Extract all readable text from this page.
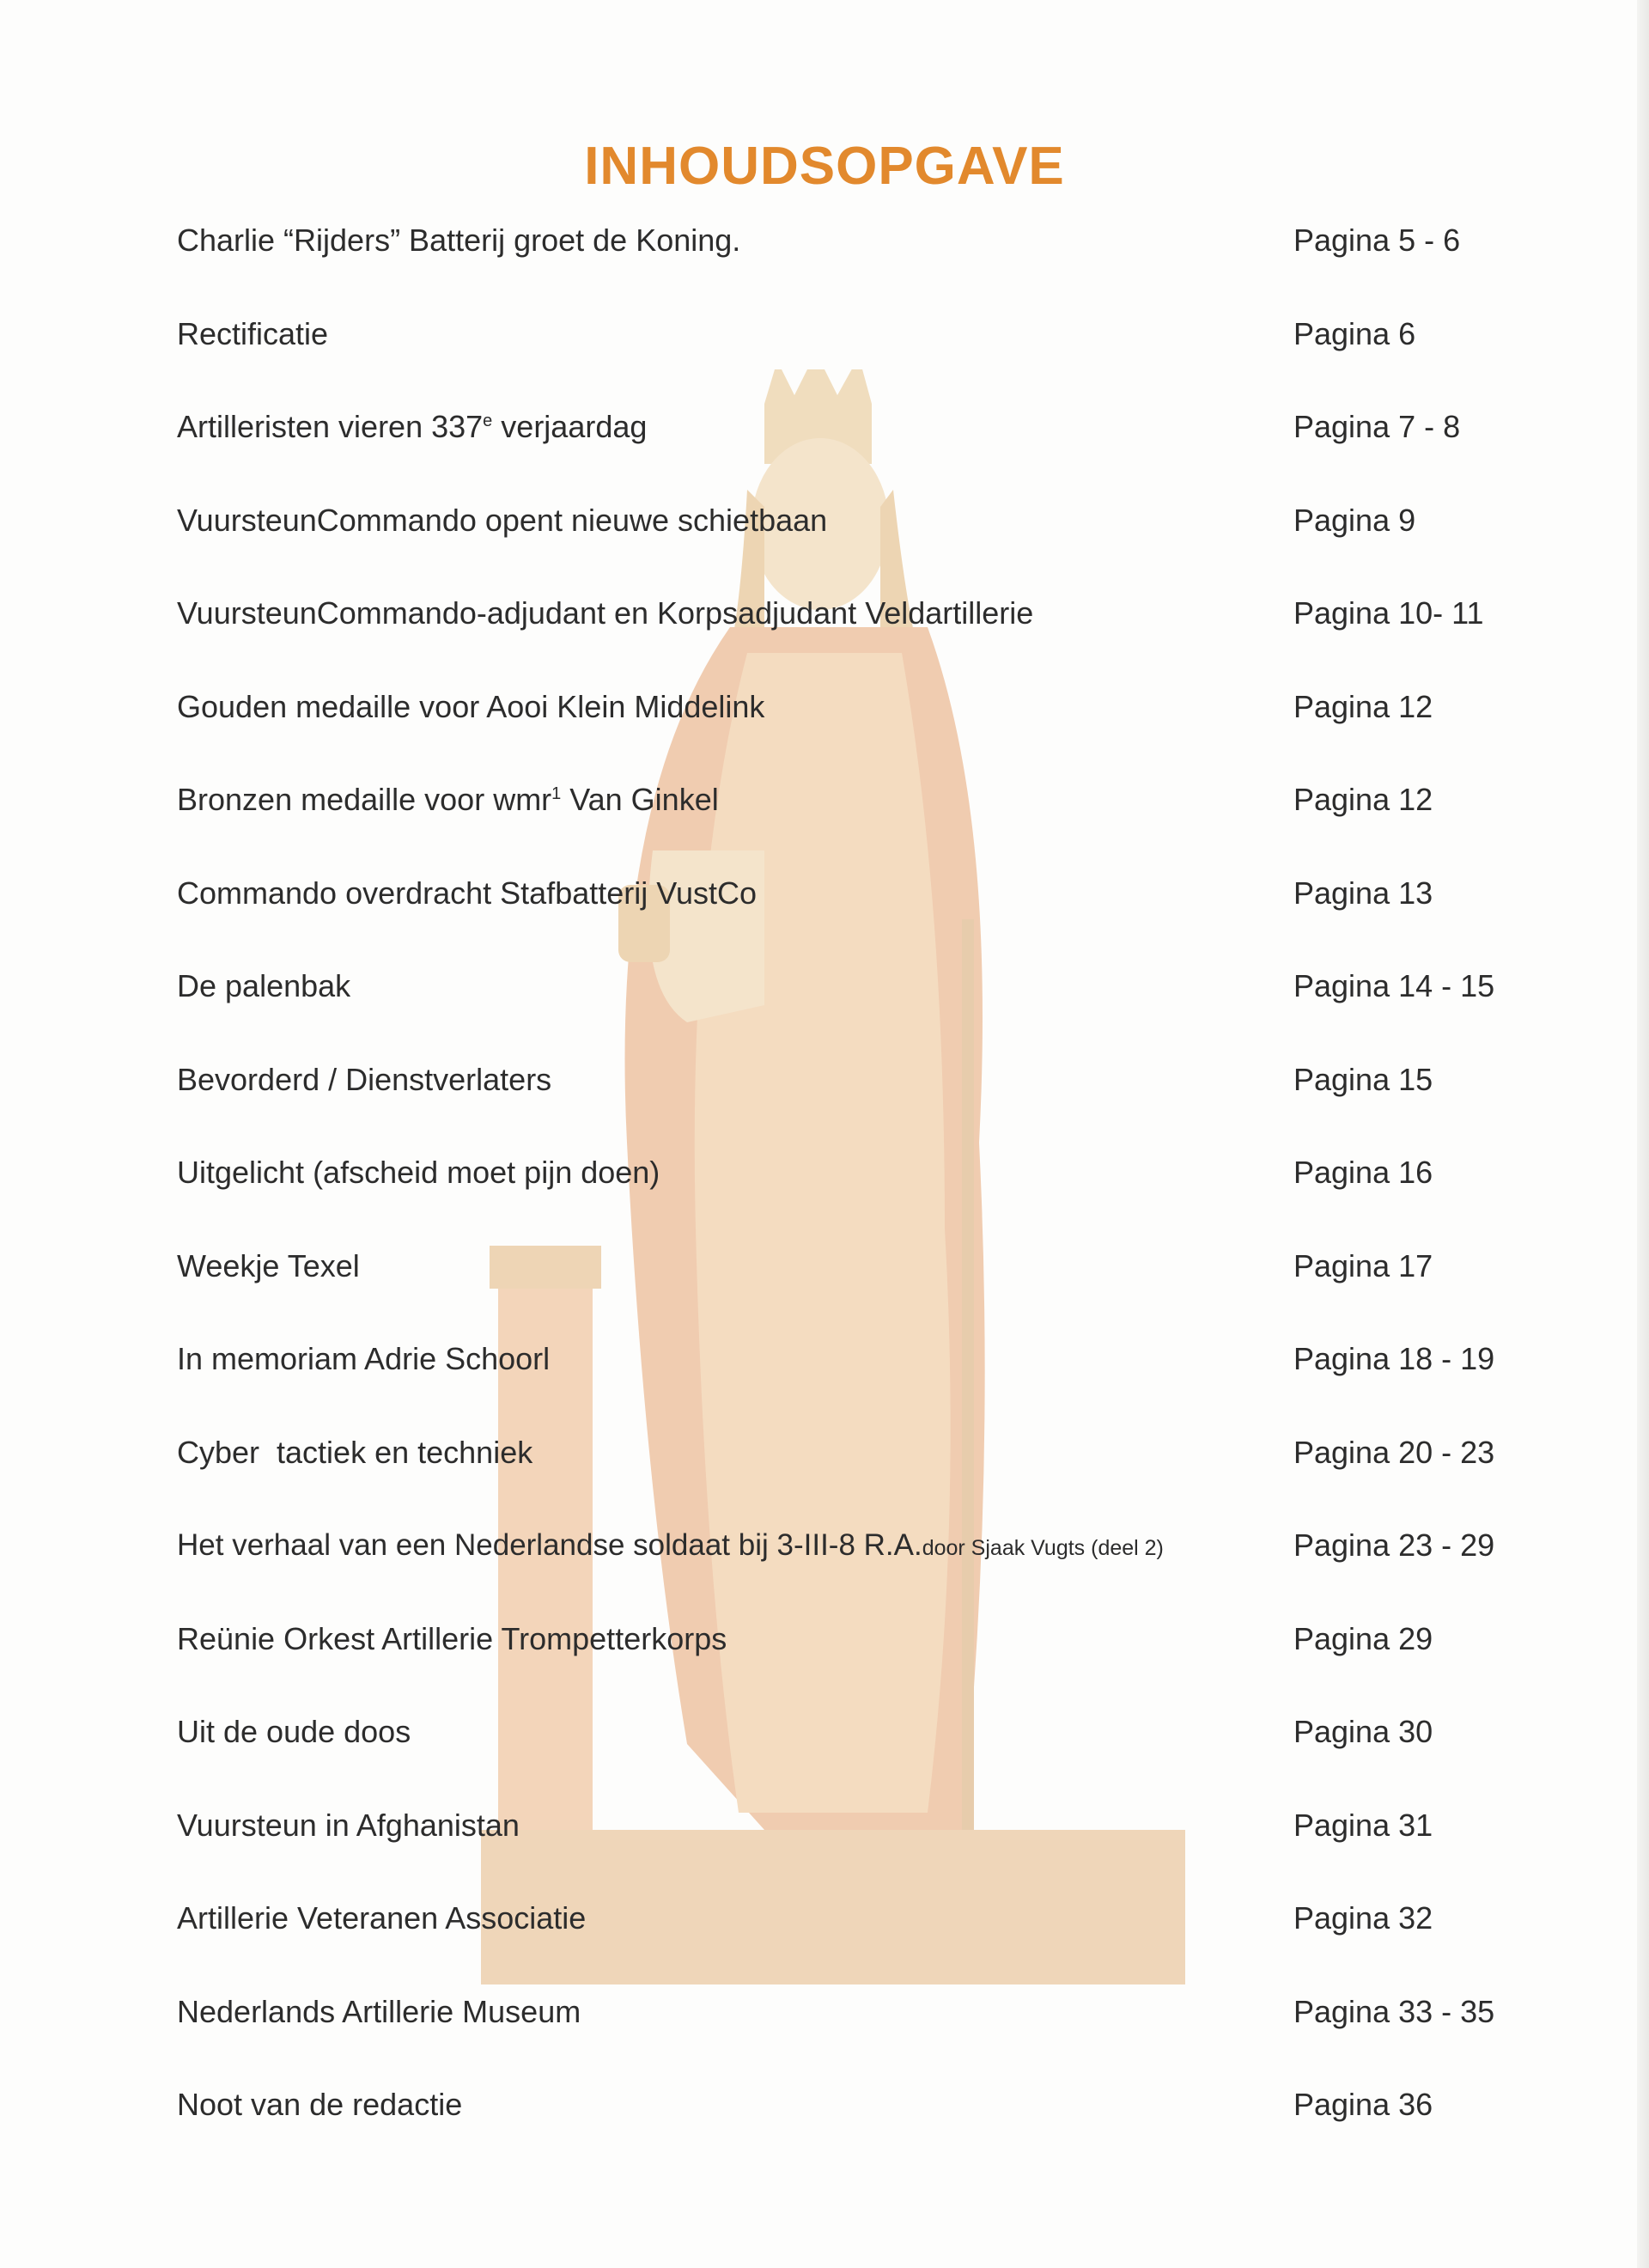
INHOUDSOPGAVE
Charlie “Rijders” Batterij groet de Koning.	Pagina 5 - 6
Rectificatie	Pagina 6
Artilleristen vieren 337e verjaardag	Pagina 7 - 8
VuursteunCommando opent nieuwe schietbaan	Pagina 9
VuursteunCommando-adjudant en Korpsadjudant Veldartillerie	Pagina 10- 11
Gouden medaille voor Aooi Klein Middelink	Pagina 12
Bronzen medaille voor wmr$^1$ Van Ginkel	Pagina 12
Commando overdracht Stafbatterij VustCo	Pagina 13
De palenbak	Pagina 14 - 15
Bevorderd / Dienstverlaters	Pagina 15
Uitgelicht (afscheid moet pijn doen)	Pagina 16
Weekje Texel	Pagina 17
In memoriam Adrie Schoorl	Pagina 18 - 19
Cyber  tactiek en techniek	Pagina 20 - 23
Het verhaal van een Nederlandse soldaat bij 3-III-8 R.A.door Sjaak Vugts (deel 2)	Pagina 23 - 29
Reünie Orkest Artillerie Trompetterkorps	Pagina 29
Uit de oude doos	Pagina 30
Vuursteun in Afghanistan	Pagina 31
Artillerie Veteranen Associatie	Pagina 32
Nederlands Artillerie Museum	Pagina 33 - 35
Noot van de redactie	Pagina 36
